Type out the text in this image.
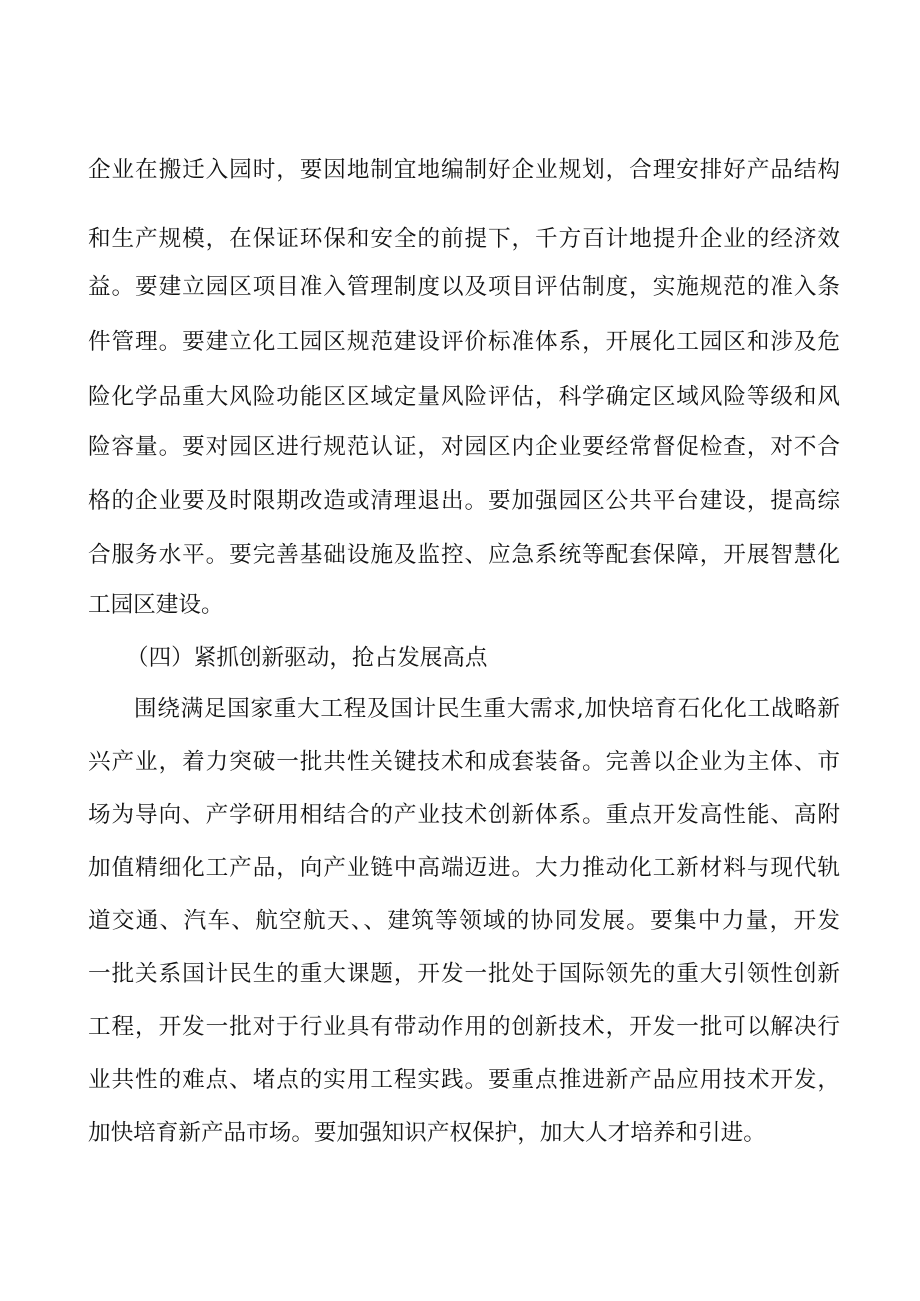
企业在搬迁入园时，要因地制宜地编制好企业规划，合理安排好产品结构
和生产规模，在保证环保和安全的前提下，千方百计地提升企业的经济效
益。要建立园区项目准入管理制度以及项目评估制度，实施规范的准入条
件管理。要建立化工园区规范建设评价标准体系，开展化工园区和涉及危
险化学品重大风险功能区区域定量风险评估，科学确定区域风险等级和风
险容量。要对园区进行规范认证，对园区内企业要经常督促检查，对不合
格的企业要及时限期改造或清理退出。要加强园区公共平台建设，提高综
合服务水平。要完善基础设施及监控、应急系统等配套保障，开展智慧化
工园区建设。
（四）紧抓创新驱动，抢占发展高点
围绕满足国家重大工程及国计民生重大需求,加快培育石化化工战略新
兴产业，着力突破一批共性关键技术和成套装备。完善以企业为主体、市
场为导向、产学研用相结合的产业技术创新体系。重点开发高性能、高附
加值精细化工产品，向产业链中高端迈进。大力推动化工新材料与现代轨
道交通、汽车、航空航天、、建筑等领域的协同发展。要集中力量，开发
一批关系国计民生的重大课题，开发一批处于国际领先的重大引领性创新
工程，开发一批对于行业具有带动作用的创新技术，开发一批可以解决行
业共性的难点、堵点的实用工程实践。要重点推进新产品应用技术开发，
加快培育新产品市场。要加强知识产权保护，加大人才培养和引进。
